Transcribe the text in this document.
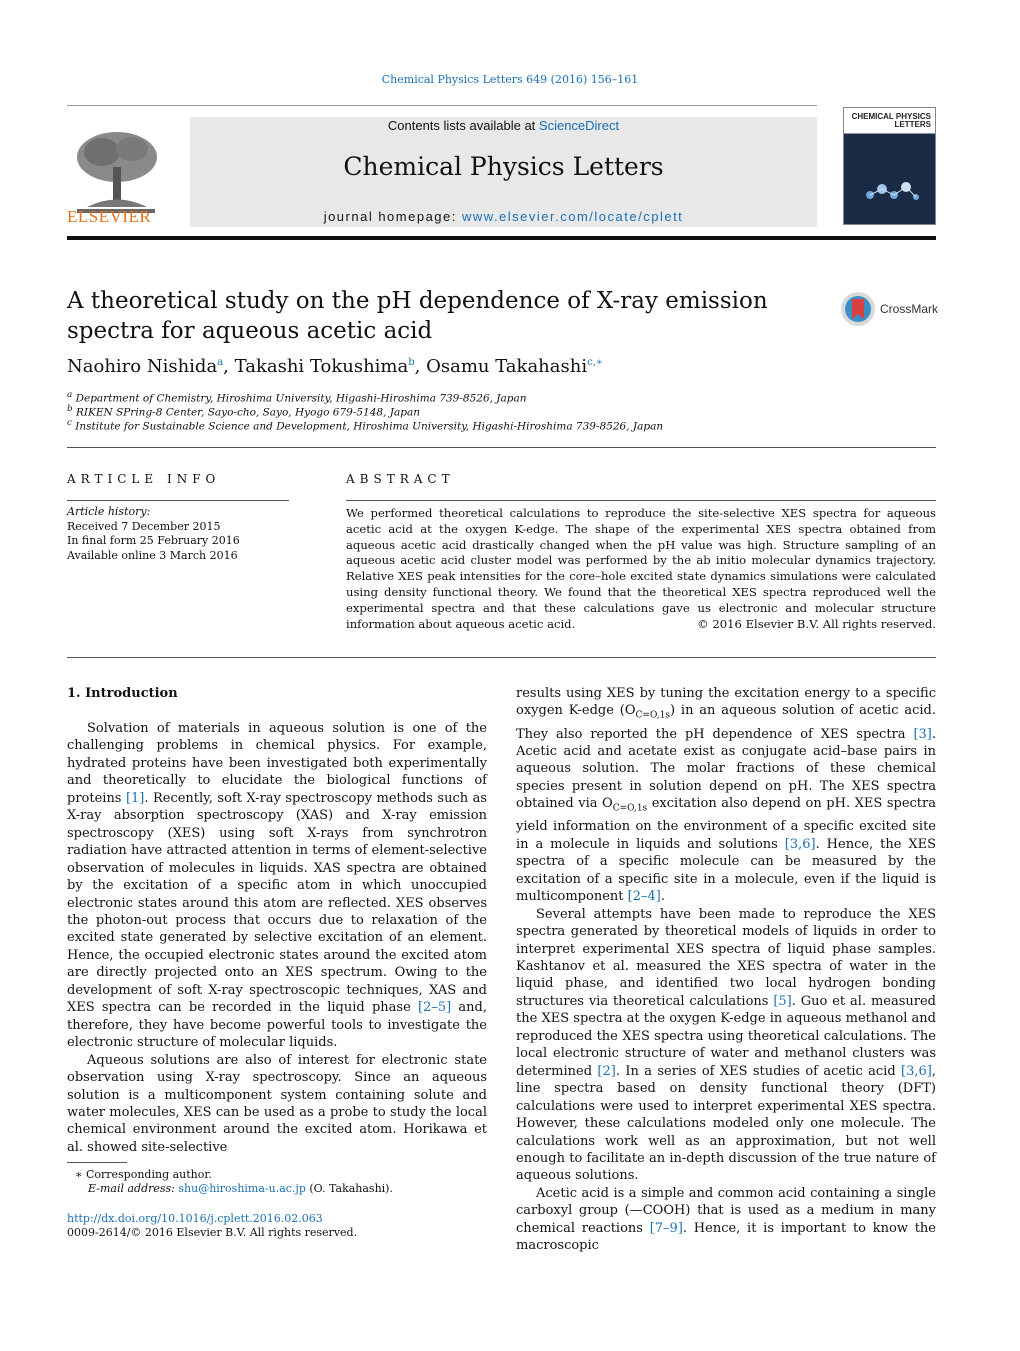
Chemical Physics Letters 649 (2016) 156–161
ELSEVIER
Contents lists available at ScienceDirect
Chemical Physics Letters
journal homepage: www.elsevier.com/locate/cplett
CHEMICAL PHYSICS LETTERS
A theoretical study on the pH dependence of X-ray emission spectra for aqueous acetic acid
CrossMark
Naohiro Nishida$^a$, Takashi Tokushima$^b$, Osamu Takahashi$^{c,∗}$
$^a$ Department of Chemistry, Hiroshima University, Higashi-Hiroshima 739-8526, Japan
$^b$ RIKEN SPring-8 Center, Sayo-cho, Sayo, Hyogo 679-5148, Japan
$^c$ Institute for Sustainable Science and Development, Hiroshima University, Higashi-Hiroshima 739-8526, Japan
ARTICLE INFO
Article history:
Received 7 December 2015
In final form 25 February 2016
Available online 3 March 2016
ABSTRACT
We performed theoretical calculations to reproduce the site-selective XES spectra for aqueous acetic acid at the oxygen K-edge. The shape of the experimental XES spectra obtained from aqueous acetic acid drastically changed when the pH value was high. Structure sampling of an aqueous acetic acid cluster model was performed by the ab initio molecular dynamics trajectory. Relative XES peak intensities for the core–hole excited state dynamics simulations were calculated using density functional theory. We found that the theoretical XES spectra reproduced well the experimental spectra and that these calculations gave us electronic and molecular structure information about aqueous acetic acid.	© 2016 Elsevier B.V. All rights reserved.
1. Introduction

Solvation of materials in aqueous solution is one of the challenging problems in chemical physics. For example, hydrated proteins have been investigated both experimentally and theoretically to elucidate the biological functions of proteins [1]. Recently, soft X-ray spectroscopy methods such as X-ray absorption spectroscopy (XAS) and X-ray emission spectroscopy (XES) using soft X-rays from synchrotron radiation have attracted attention in terms of element-selective observation of molecules in liquids. XAS spectra are obtained by the excitation of a specific atom in which unoccupied electronic states around this atom are reflected. XES observes the photon-out process that occurs due to relaxation of the excited state generated by selective excitation of an element. Hence, the occupied electronic states around the excited atom are directly projected onto an XES spectrum. Owing to the development of soft X-ray spectroscopic techniques, XAS and XES spectra can be recorded in the liquid phase [2–5] and, therefore, they have become powerful tools to investigate the electronic structure of molecular liquids.

Aqueous solutions are also of interest for electronic state observation using X-ray spectroscopy. Since an aqueous solution is a multicomponent system containing solute and water molecules, XES can be used as a probe to study the local chemical environment around the excited atom. Horikawa et al. showed site-selective

results using XES by tuning the excitation energy to a specific oxygen K-edge $(O_{C=O,1s})$ in an aqueous solution of acetic acid. They also reported the pH dependence of XES spectra [3]. Acetic acid and acetate exist as conjugate acid–base pairs in aqueous solution. The molar fractions of these chemical species present in solution depend on pH. The XES spectra obtained via $O_{C=O,1s}$ excitation also depend on pH. XES spectra yield information on the environment of a specific excited site in a molecule in liquids and solutions [3,6]. Hence, the XES spectra of a specific molecule can be measured by the excitation of a specific site in a molecule, even if the liquid is multicomponent [2–4].

Several attempts have been made to reproduce the XES spectra generated by theoretical models of liquids in order to interpret experimental XES spectra of liquid phase samples. Kashtanov et al. measured the XES spectra of water in the liquid phase, and identified two local hydrogen bonding structures via theoretical calculations [5]. Guo et al. measured the XES spectra at the oxygen K-edge in aqueous methanol and reproduced the XES spectra using theoretical calculations. The local electronic structure of water and methanol clusters was determined [2]. In a series of XES studies of acetic acid [3,6], line spectra based on density functional theory (DFT) calculations were used to interpret experimental XES spectra. However, these calculations modeled only one molecule. The calculations work well as an approximation, but not well enough to facilitate an in-depth discussion of the true nature of aqueous solutions.

Acetic acid is a simple and common acid containing a single carboxyl group (—COOH) that is used as a medium in many chemical reactions [7–9]. Hence, it is important to know the macroscopic

∗ Corresponding author.
E-mail address: shu@hiroshima-u.ac.jp (O. Takahashi).
http://dx.doi.org/10.1016/j.cplett.2016.02.063
0009-2614/© 2016 Elsevier B.V. All rights reserved.
